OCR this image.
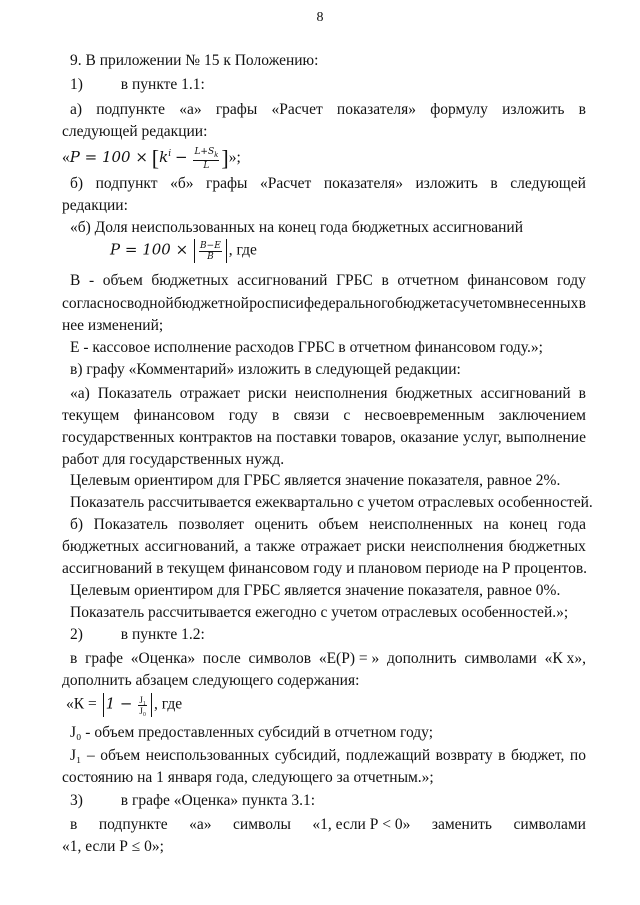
8
9. В приложении № 15 к Положению:
1) в пункте 1.1:
а) подпункте «а» графы «Расчет показателя» формулу изложить в
следующей редакции:
«$P = 100 \times [k^i - \frac{L+S_k}{L}$ ]»;
б) подпункт «б» графы «Расчет показателя» изложить в следующей
редакции:
«б) Доля неиспользованных на конец года бюджетных ассигнований
$P = 100 \times \frac{B-E}{B}$ , где
В - объем бюджетных ассигнований ГРБС в отчетном финансовом году
согласно сводной бюджетной росписи федерального бюджета с учетом внесенных в
нее изменений;
Е - кассовое исполнение расходов ГРБС в отчетном финансовом году.»;
в) графу «Комментарий» изложить в следующей редакции:
«а) Показатель отражает риски неисполнения бюджетных ассигнований в
текущем финансовом году в связи с несвоевременным заключением
государственных контрактов на поставки товаров, оказание услуг, выполнение
работ для государственных нужд.
Целевым ориентиром для ГРБС является значение показателя, равное 2%.
Показатель рассчитывается ежеквартально с учетом отраслевых особенностей.
б) Показатель позволяет оценить объем неисполненных на конец года
бюджетных ассигнований, а также отражает риски неисполнения бюджетных
ассигнований в текущем финансовом году и плановом периоде на Р процентов.
Целевым ориентиром для ГРБС является значение показателя, равное 0%.
Показатель рассчитывается ежегодно с учетом отраслевых особенностей.»;
2) в пункте 1.2:
в графе «Оценка» после символов «Е(Р) = » дополнить символами «К х»,
дополнить абзацем следующего содержания:
«$К = 1 - \frac{\text{J₁}}{\text{J₀}}$ , где
J₀ - объем предоставленных субсидий в отчетном году;
J₁ – объем неиспользованных субсидий, подлежащий возврату в бюджет, по
состоянию на 1 января года, следующего за отчетным.»;
3) в графе «Оценка» пункта 3.1:
в подпункте «а» символы «1, если Р < 0» заменить символами
«1, если Р ≤ 0»;
